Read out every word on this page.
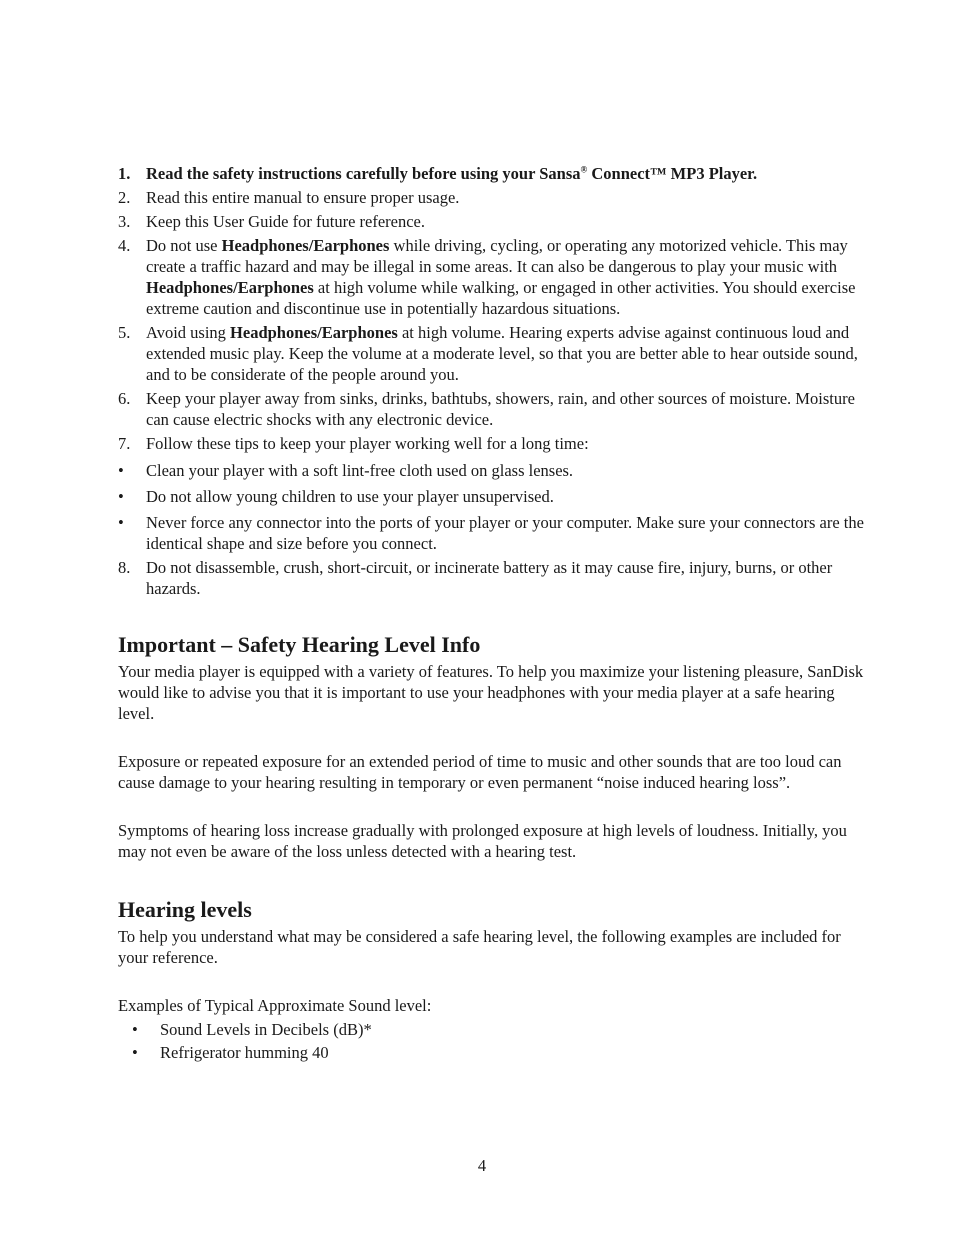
1. Read the safety instructions carefully before using your Sansa® Connect™ MP3 Player.
2. Read this entire manual to ensure proper usage.
3. Keep this User Guide for future reference.
4. Do not use Headphones/Earphones while driving, cycling, or operating any motorized vehicle. This may create a traffic hazard and may be illegal in some areas. It can also be dangerous to play your music with Headphones/Earphones at high volume while walking, or engaged in other activities. You should exercise extreme caution and discontinue use in potentially hazardous situations.
5. Avoid using Headphones/Earphones at high volume. Hearing experts advise against continuous loud and extended music play. Keep the volume at a moderate level, so that you are better able to hear outside sound, and to be considerate of the people around you.
6. Keep your player away from sinks, drinks, bathtubs, showers, rain, and other sources of moisture. Moisture can cause electric shocks with any electronic device.
7. Follow these tips to keep your player working well for a long time:
• Clean your player with a soft lint-free cloth used on glass lenses.
• Do not allow young children to use your player unsupervised.
• Never force any connector into the ports of your player or your computer. Make sure your connectors are the identical shape and size before you connect.
8. Do not disassemble, crush, short-circuit, or incinerate battery as it may cause fire, injury, burns, or other hazards.
Important – Safety Hearing Level Info

Your media player is equipped with a variety of features. To help you maximize your listening pleasure, SanDisk would like to advise you that it is important to use your headphones with your media player at a safe hearing level.

Exposure or repeated exposure for an extended period of time to music and other sounds that are too loud can cause damage to your hearing resulting in temporary or even permanent “noise induced hearing loss”.

Symptoms of hearing loss increase gradually with prolonged exposure at high levels of loudness. Initially, you may not even be aware of the loss unless detected with a hearing test.

Hearing levels

To help you understand what may be considered a safe hearing level, the following examples are included for your reference.

Examples of Typical Approximate Sound level:

• Sound Levels in Decibels (dB)*
• Refrigerator humming 40
4
